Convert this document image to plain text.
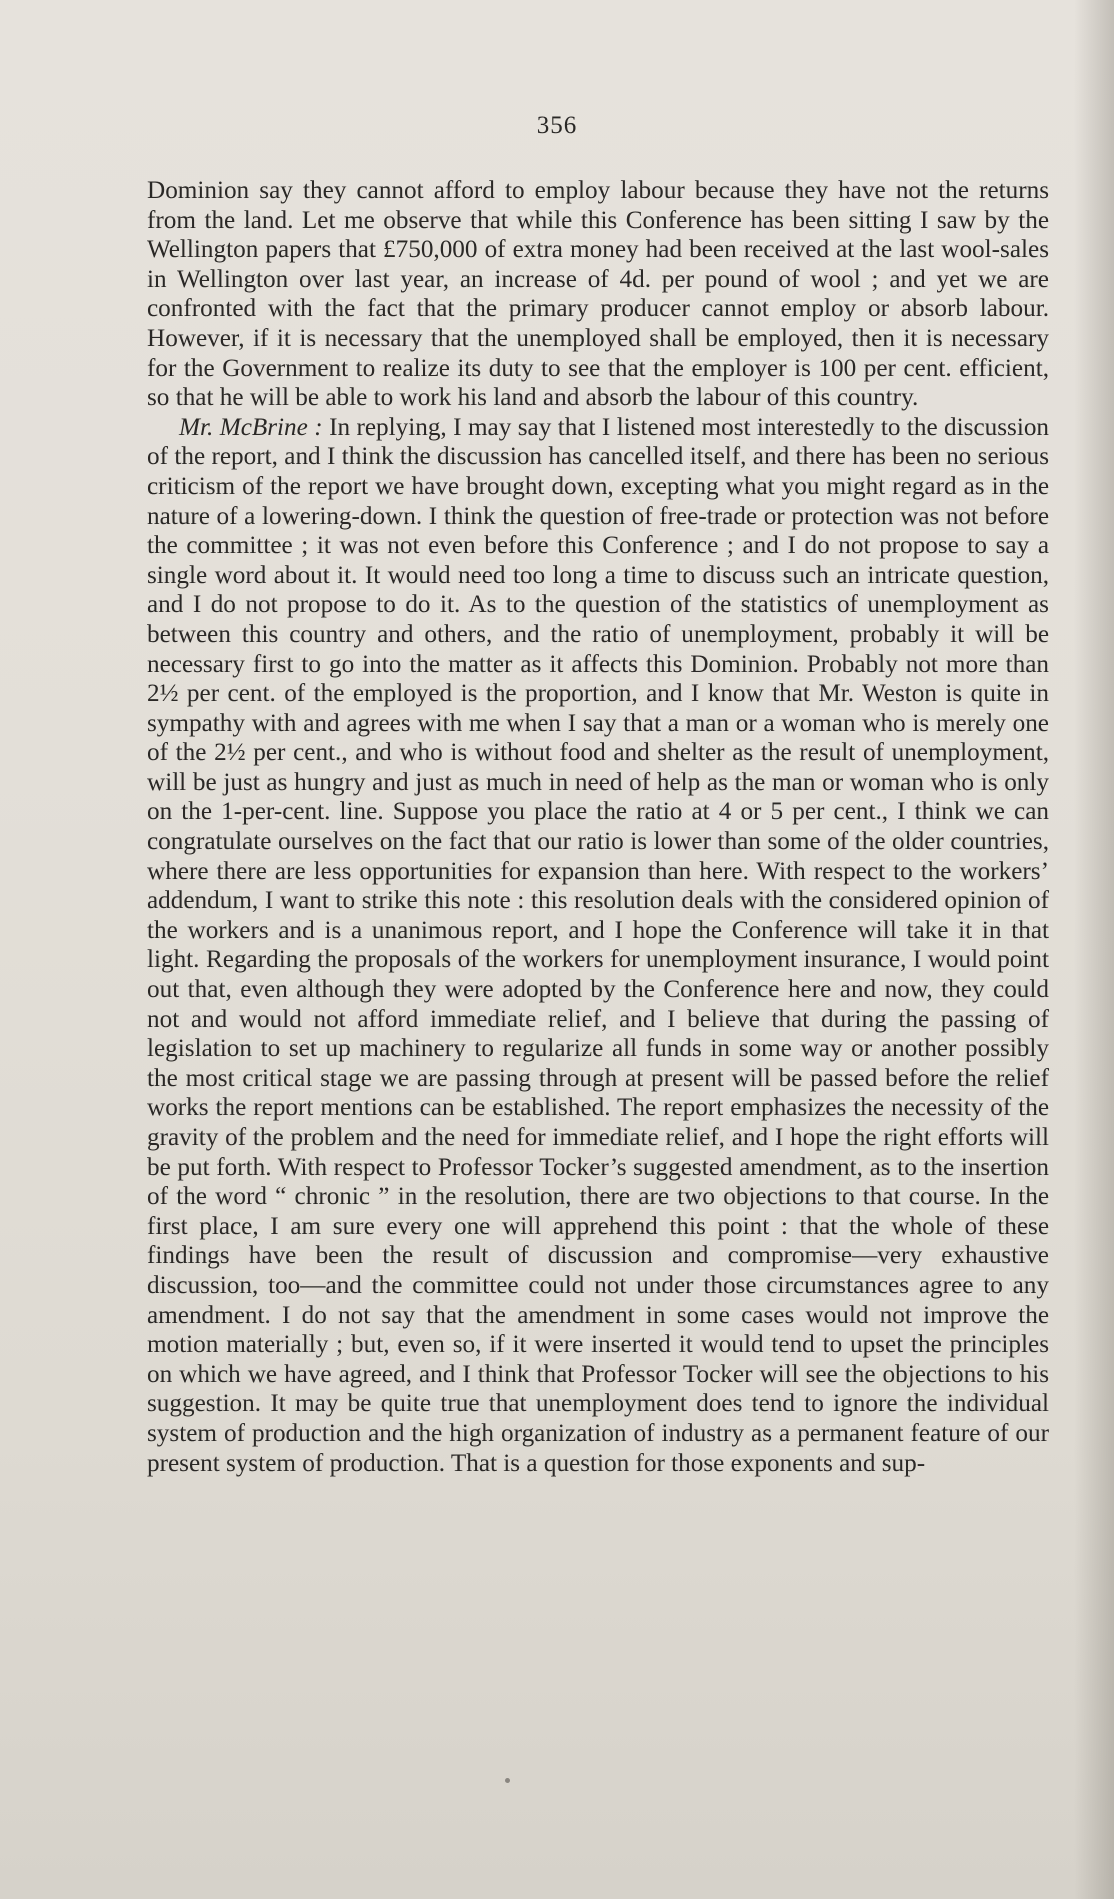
356

Dominion say they cannot afford to employ labour because they have not the returns from the land. Let me observe that while this Conference has been sitting I saw by the Wellington papers that £750,000 of extra money had been received at the last wool-sales in Wellington over last year, an increase of 4d. per pound of wool ; and yet we are confronted with the fact that the primary producer cannot employ or absorb labour. However, if it is necessary that the unemployed shall be employed, then it is necessary for the Government to realize its duty to see that the employer is 100 per cent. efficient, so that he will be able to work his land and absorb the labour of this country.

Mr. McBrine : In replying, I may say that I listened most interestedly to the discussion of the report, and I think the discussion has cancelled itself, and there has been no serious criticism of the report we have brought down, excepting what you might regard as in the nature of a lowering-down. I think the question of free-trade or protection was not before the committee ; it was not even before this Conference ; and I do not propose to say a single word about it. It would need too long a time to discuss such an intricate question, and I do not propose to do it. As to the question of the statistics of unemployment as between this country and others, and the ratio of unemployment, probably it will be necessary first to go into the matter as it affects this Dominion. Probably not more than 2½ per cent. of the employed is the proportion, and I know that Mr. Weston is quite in sympathy with and agrees with me when I say that a man or a woman who is merely one of the 2½ per cent., and who is without food and shelter as the result of unemployment, will be just as hungry and just as much in need of help as the man or woman who is only on the 1-per-cent. line. Suppose you place the ratio at 4 or 5 per cent., I think we can congratulate ourselves on the fact that our ratio is lower than some of the older countries, where there are less opportunities for expansion than here. With respect to the workers’ addendum, I want to strike this note : this resolution deals with the considered opinion of the workers and is a unanimous report, and I hope the Conference will take it in that light. Regarding the proposals of the workers for unemployment insurance, I would point out that, even although they were adopted by the Conference here and now, they could not and would not afford immediate relief, and I believe that during the passing of legislation to set up machinery to regularize all funds in some way or another possibly the most critical stage we are passing through at present will be passed before the relief works the report mentions can be established. The report emphasizes the necessity of the gravity of the problem and the need for immediate relief, and I hope the right efforts will be put forth. With respect to Professor Tocker’s suggested amendment, as to the insertion of the word “ chronic ” in the resolution, there are two objections to that course. In the first place, I am sure every one will apprehend this point : that the whole of these findings have been the result of discussion and compromise—very exhaustive discussion, too—and the committee could not under those circumstances agree to any amendment. I do not say that the amendment in some cases would not improve the motion materially ; but, even so, if it were inserted it would tend to upset the principles on which we have agreed, and I think that Professor Tocker will see the objections to his suggestion. It may be quite true that unemployment does tend to ignore the individual system of production and the high organization of industry as a permanent feature of our present system of production. That is a question for those exponents and sup-
